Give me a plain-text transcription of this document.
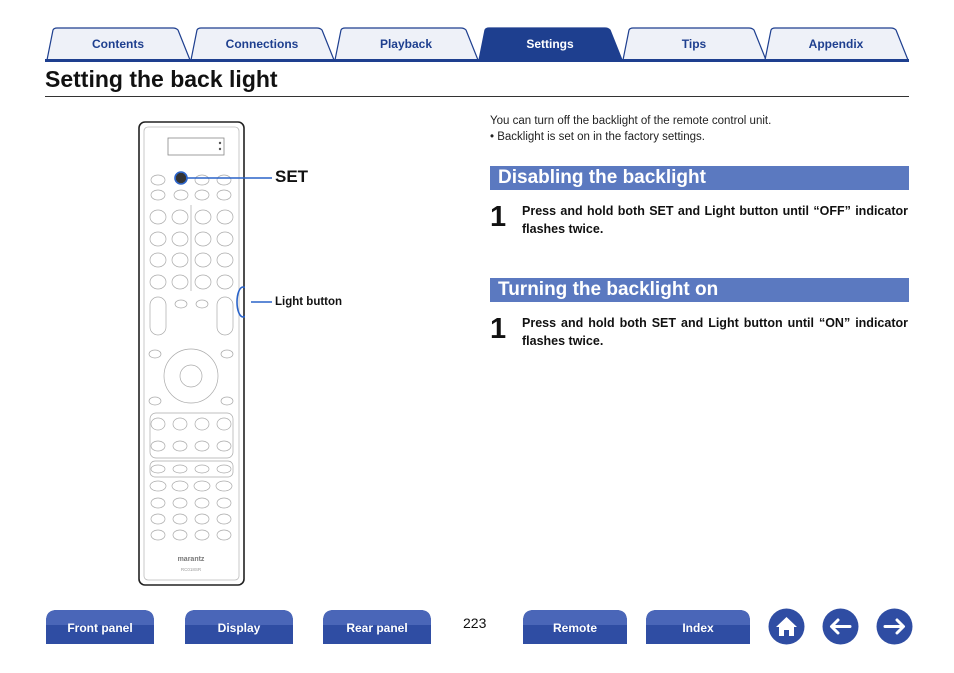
Contents	Connections	Playback	Settings	Tips	Appendix
Setting the back light
You can turn off the backlight of the remote control unit.
• Backlight is set on in the factory settings.
Disabling the backlight
1 Press and hold both SET and Light button until “OFF” indicator flashes twice.
Turning the backlight on
1 Press and hold both SET and Light button until “ON” indicator flashes twice.
marantz
RC018SR
SET
Light button
Front panel	Display	Rear panel	223	Remote	Index
